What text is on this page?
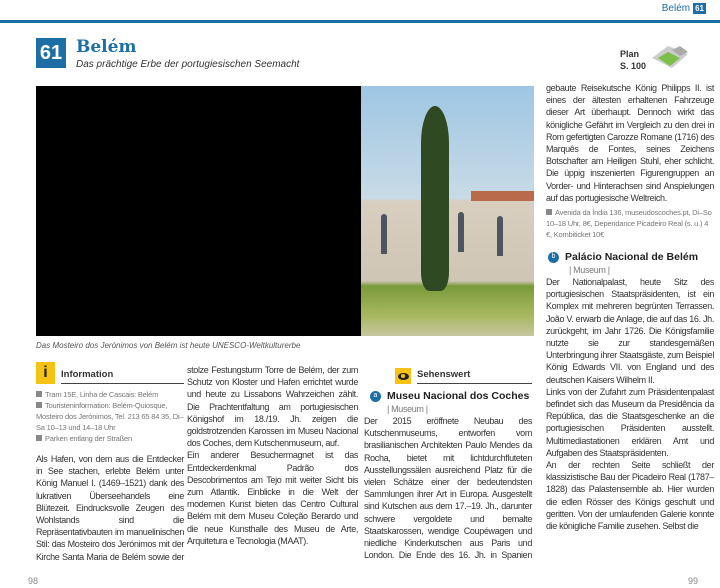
Belém 61
61 Belém
Das prächtige Erbe der portugiesischen Seemacht
Plan
S. 100
Das Mosteiro dos Jerónimos von Belém ist heute UNESCO-Weltkulturerbe
i	Information
Tram 15E, Linha de Cascais: Belém
Touristeninformation: Belém-Quiosque, Mosteiro dos Jerónimos, Tel. 213 65 84 35, Di–Sa 10–13 und 14–18 Uhr
Parken entlang der Straßen

Als Hafen, von dem aus die Entdecker in See stachen, erlebte Belém unter König Manuel I. (1469–1521) dank des lukrativen Überseehandels eine Blütezeit. Eindrucksvolle Zeugen des Wohlstands sind die Repräsentativbauten im manuelinischen Stil: das Mosteiro dos Jerónimos mit der Kirche Santa Maria de Belém sowie der

stolze Festungsturm Torre de Belém, der zum Schutz von Kloster und Hafen errichtet wurde und heute zu Lissabons Wahrzeichen zählt. Die Prachtentfaltung am portugiesischen Königshof im 18./19. Jh. zeigen die goldstrotzenden Karossen im Museu Nacional dos Coches, dem Kutschenmuseum, auf.

Ein anderer Besuchermagnet ist das Entdeckerdenkmal Padrão dos Descobrimentos am Tejo mit weiter Sicht bis zum Atlantik. Einblicke in die Welt der modernen Kunst bieten das Centro Cultural Belém mit dem Museu Coleção Berardo und die neue Kunsthalle des Museu de Arte, Arquitetura e Tecnologia (MAAT).

Sehenswert
a Museu Nacional dos Coches
| Museum |

Der 2015 eröffnete Neubau des Kutschenmuseums, entworfen vom brasilianischen Architekten Paulo Mendes da Rocha, bietet mit lichtdurchfluteten Ausstellungssälen ausreichend Platz für die vielen Schätze einer der bedeutendsten Sammlungen ihrer Art in Europa. Ausgestellt sind Kutschen aus dem 17.–19. Jh., darunter schwere vergoldete und bemalte Staatskarossen, wendige Coupéwagen und niedliche Kinderkutschen aus Paris und London. Die Ende des 16. Jh. in Spanien

gebaute Reisekutsche König Philipps II. ist eines der ältesten erhaltenen Fahrzeuge dieser Art überhaupt. Dennoch wirkt das königliche Gefährt im Vergleich zu den drei in Rom gefertigten Carozze Romane (1716) des Marquês de Fontes, seines Zeichens Botschafter am Heiligen Stuhl, eher schlicht. Die üppig inszenierten Figurengruppen an Vorder- und Hinterachsen sind Anspielungen auf das portugiesische Weltreich.

Avenida da Índia 136, museudoscoches.pt, Di–So 10–18 Uhr, 8€, Dependance Picadeiro Real (s. u.) 4 €, Kombiticket 10€
b Palácio Nacional de Belém
| Museum |

Der Nationalpalast, heute Sitz des portugiesischen Staatspräsidenten, ist ein Komplex mit mehreren begrünten Terrassen. João V. erwarb die Anlage, die auf das 16. Jh. zurückgeht, im Jahr 1726. Die Königsfamilie nutzte sie zur standesgemäßen Unterbringung ihrer Staatsgäste, zum Beispiel König Edwards VII. von England und des deutschen Kaisers Wilhelm II.

Links von der Zufahrt zum Präsidentenpalast befindet sich das Museum da Presidência da República, das die Staatsgeschenke an die portugiesischen Präsidenten ausstellt. Multimediastationen erklären Amt und Aufgaben des Staatspräsidenten.

An der rechten Seite schließt der klassizistische Bau der Picadeiro Real (1787–1828) das Palastensemble ab. Hier wurden die edlen Rösser des Königs geschult und geritten. Von der umlaufenden Galerie konnte die königliche Familie zusehen. Selbst die

98	99
